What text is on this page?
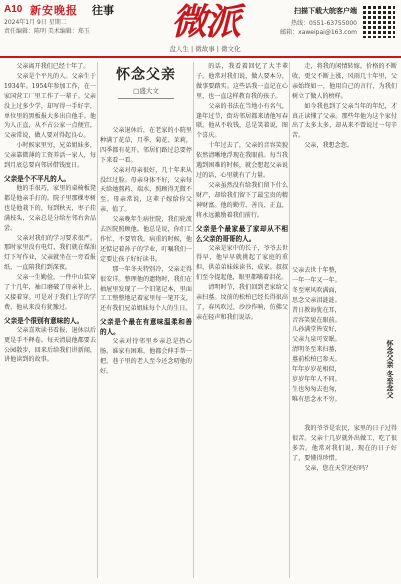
A10 新安晚报 往事
2024年1月 9日 星期二
责任编辑：陈明 美术编辑：郑玉	微派
盘人生 | 微故事 | 微文化
扫描下载大皖客户端
热线：0551-63755000
邮箱：xaweipai@163.com

父亲离开我们已经十年了。

父亲是个平凡的人。父亲生于1934年。1954年参加工作，在一家国营工厂里工作了一辈子。父亲没上过多少学，却写得一手好字，单位里的黑板报大多出自他手。他为人正直，从不占公家一点便宜，父亲常说，做人要对得起良心。

小时候家里穷，兄弟姐妹多，父亲靠微薄的工资养活一家人，每到月底总要向邻居借钱度日。

父亲是个不平凡的人。

他的手很巧，家里的桌椅板凳都是他亲手打的。院子里那棵枣树也是他栽下的，每到秋天，枣子挂满枝头，父亲总是分给左邻右舍品尝。

父亲对我们的学习要求很严。那时家里没有电灯，我们就在煤油灯下写作业，父亲就坐在一旁看报纸，一直陪我们到深夜。

父亲一生勤俭，一件中山装穿了十几年，袖口磨破了母亲补上，又接着穿。可是对于我们上学的学费，他从来没有犹豫过。

父亲是个很别有意味的人。

父亲喜欢读书看报，退休以后更是手不释卷。每天清晨他都要去公园散步，回来后给我们讲新闻，讲他读到的故事。

怀念父亲
□盛大文

父亲退休后，在老家的小院里种满了花草，月季、菊花、茉莉，四季都有花开。邻居们路过总要停下来看一看。

父亲对母亲很好，几十年来从没红过脸。母亲身体不好，父亲每天给她熬药、端水，照顾得无微不至。母亲常说，这辈子嫁给你父亲，值了。

父亲晚年生病住院，我们轮流去医院照顾他。他总是说，你们工作忙，不要管我。病重的时候，他还惦记着孙子的学业，叮嘱我们一定要让孩子好好读书。

那一年冬天特别冷，父亲走得很安详。整理他的遗物时，我们在抽屉里发现了一个旧笔记本，里面工工整整地记着家里每一笔开支，还有我们兄弟姐妹每个人的生日。

父亲是个最在有意味温柔和善的人。

父亲对待邻里乡亲总是热心肠。谁家有困难，他都会伸手帮一把。巷子里的老人至今还念叨他的好。

的话，我看着回忆了大半辈子。他常对我们说，做人要本分，做事要踏实。这些话我一直记在心里，也一直这样教育我的孩子。

父亲的书法在当地小有名气，逢年过节，街坊邻居都来请他写春联。他从不收钱，总是笑着说，图个喜庆。

十年过去了，父亲的音容笑貌依然清晰地浮现在我眼前。每当我遇到困难的时候，就会想起父亲说过的话，心里就有了力量。

父亲虽然没有给我们留下什么财产，却给我们留下了最宝贵的精神财富。他的勤劳、善良、正直，将永远激励着我们前行。

父亲是个最家最了家却从不相么父亲的哥哥的人。

父亲是家中的长子，爷爷去世得早，他早早就挑起了家庭的重担，供弟弟妹妹读书、成家。叔叔们至今提起他，眼里都噙着泪花。

清明时节，我们回到老家给父亲扫墓。坟前的松柏已经长得很高了，春风吹过，沙沙作响，仿佛父亲在轻声和我们说话。

走，将我的闲情转嫁。价格的不断收，更父不断上涨，风雨几十年里，父亲始终如一，他用自己的言行，为我们树立了做人的榜样。

如今我也到了父亲当年的年纪，才真正读懂了父亲。那些年他为这个家付出了太多太多，却从来不曾说过一句辛苦。

父亲，我想念您。

父亲去世十年整，
一年一年又一年。
冬至寒风吹满面，
思念父亲泪涟涟。
昔日教诲犹在耳，
音容笑貌在眼前。
儿孙满堂皆安好，
父亲九泉可安眠。
清明冬至来扫墓，
墓前松柏已参天。
年年岁岁花相似，
岁岁年年人不同。
生也匆匆去也匆，
唯有思念永不穷。
怀念父亲 冬至念父

我的爷爷是农民，家里的日子过得很苦。父亲十几岁就外出做工，吃了很多苦。他常对我们说，现在的日子好了，要懂得珍惜。

父亲，您在天堂还好吗？
